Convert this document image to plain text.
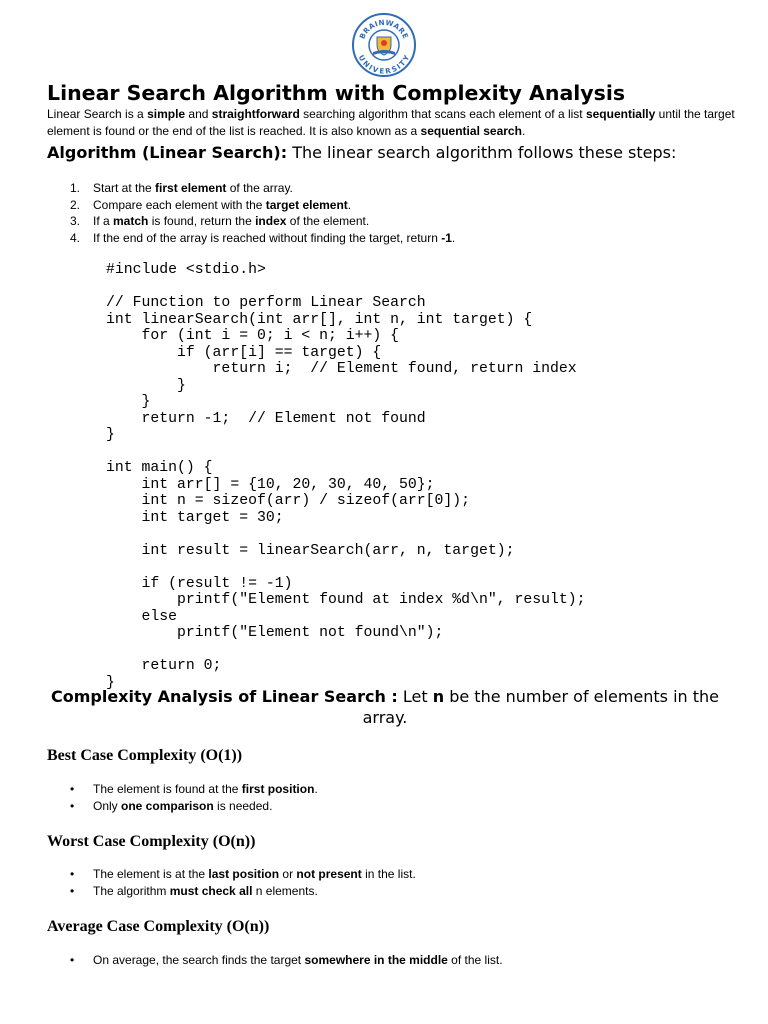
BRAINWARE
UNIVERSITY
Linear Search Algorithm with Complexity Analysis

Linear Search is a simple and straightforward searching algorithm that scans each element of a list sequentially until the target element is found or the end of the list is reached. It is also known as a sequential search.

Algorithm (Linear Search): The linear search algorithm follows these steps:

1. Start at the first element of the array.
2. Compare each element with the target element.
3. If a match is found, return the index of the element.
4. If the end of the array is reached without finding the target, return -1.
#include <stdio.h>

// Function to perform Linear Search
int linearSearch(int arr[], int n, int target) {
for (int i = 0; i < n; i++) {
if (arr[i] == target) {
return i;  // Element found, return index
}
}
return -1;  // Element not found
}

int main() {
int arr[] = {10, 20, 30, 40, 50};
int n = sizeof(arr) / sizeof(arr[0]);
int target = 30;

int result = linearSearch(arr, n, target);

if (result != -1)
printf("Element found at index %d\n", result);
else
printf("Element not found\n");

return 0;
}

Complexity Analysis of Linear Search : Let n be the number of elements in the array.

Best Case Complexity (O(1))
• The element is found at the first position.
• Only one comparison is needed.
Worst Case Complexity (O(n))
• The element is at the last position or not present in the list.
• The algorithm must check all n elements.
Average Case Complexity (O(n))
• On average, the search finds the target somewhere in the middle of the list.
